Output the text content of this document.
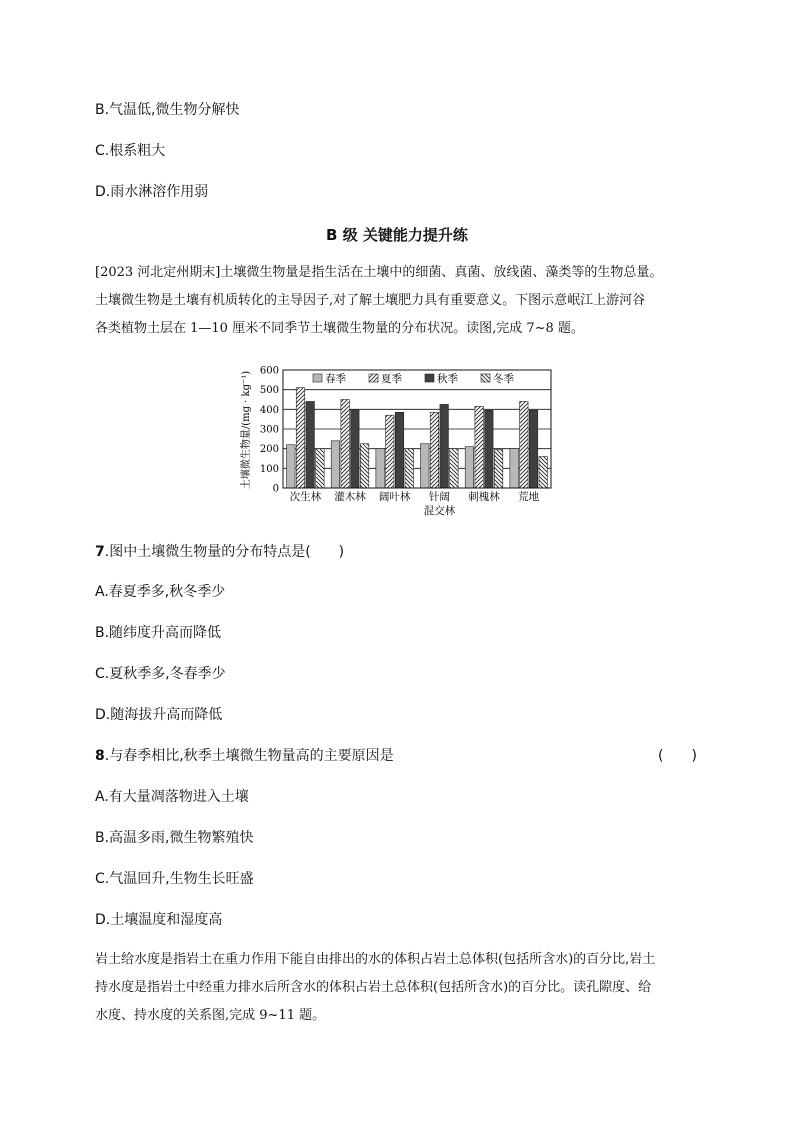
B.气温低,微生物分解快
C.根系粗大
D.雨水淋溶作用弱
B 级 关键能力提升练
[2023 河北定州期末]土壤微生物量是指生活在土壤中的细菌、真菌、放线菌、藻类等的生物总量。
土壤微生物是土壤有机质转化的主导因子,对了解土壤肥力具有重要意义。下图示意岷江上游河谷
各类植物土层在 1—10 厘米不同季节土壤微生物量的分布状况。读图,完成 7~8 题。
土壤微生物量/(mg · kg⁻¹) 0
100
200
300
400
500
600
次生林 灌木林 阔叶林 针阔
混交林
刺槐林 荒地
春季	夏季	秋季	冬季
7.图中土壤微生物量的分布特点是(　　)
A.春夏季多,秋冬季少
B.随纬度升高而降低
C.夏秋季多,冬春季少
D.随海拔升高而降低
8.与春季相比,秋季土壤微生物量高的主要原因是	(　　)
A.有大量凋落物进入土壤
B.高温多雨,微生物繁殖快
C.气温回升,生物生长旺盛
D.土壤温度和湿度高
岩土给水度是指岩土在重力作用下能自由排出的水的体积占岩土总体积(包括所含水)的百分比,岩土
持水度是指岩土中经重力排水后所含水的体积占岩土总体积(包括所含水)的百分比。读孔隙度、给
水度、持水度的关系图,完成 9~11 题。
